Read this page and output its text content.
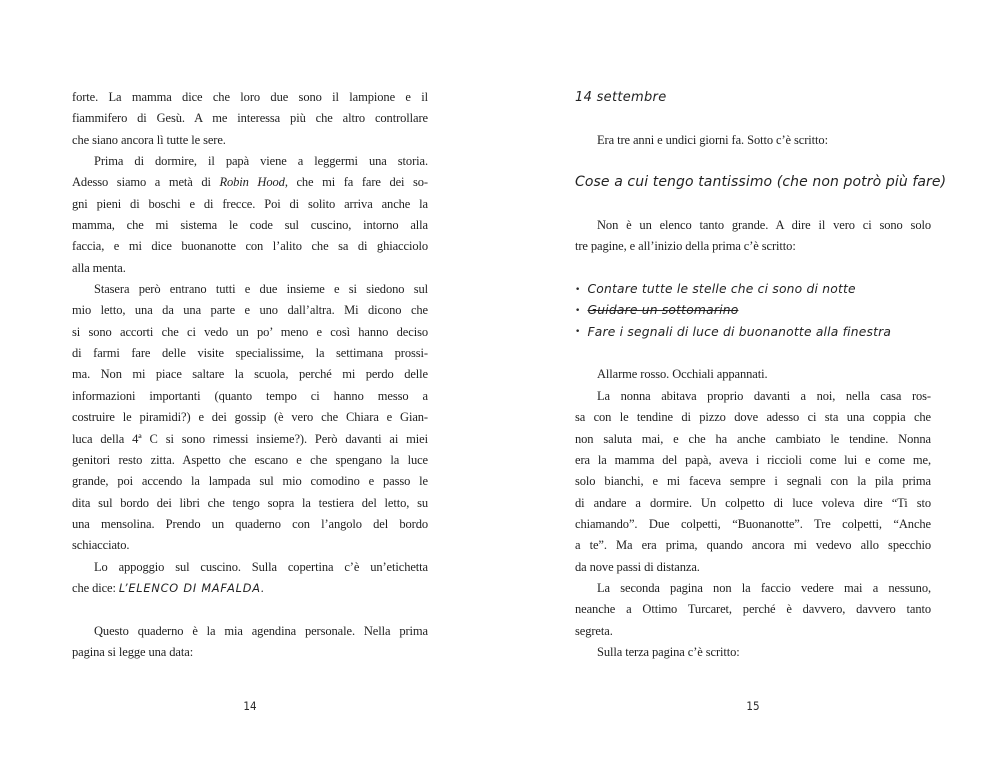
forte. La mamma dice che loro due sono il lampione e il
fiammifero di Gesù. A me interessa più che altro controllare
che siano ancora lì tutte le sere.
Prima di dormire, il papà viene a leggermi una storia.
Adesso siamo a metà di Robin Hood, che mi fa fare dei so-
gni pieni di boschi e di frecce. Poi di solito arriva anche la
mamma, che mi sistema le code sul cuscino, intorno alla
faccia, e mi dice buonanotte con l’alito che sa di ghiacciolo
alla menta.
Stasera però entrano tutti e due insieme e si siedono sul
mio letto, una da una parte e uno dall’altra. Mi dicono che
si sono accorti che ci vedo un po’ meno e così hanno deciso
di farmi fare delle visite specialissime, la settimana prossi-
ma. Non mi piace saltare la scuola, perché mi perdo delle
informazioni importanti (quanto tempo ci hanno messo a
costruire le piramidi?) e dei gossip (è vero che Chiara e Gian-
luca della 4ª C si sono rimessi insieme?). Però davanti ai miei
genitori resto zitta. Aspetto che escano e che spengano la luce
grande, poi accendo la lampada sul mio comodino e passo le
dita sul bordo dei libri che tengo sopra la testiera del letto, su
una mensolina. Prendo un quaderno con l’angolo del bordo
schiacciato.
Lo appoggio sul cuscino. Sulla copertina c’è un’etichetta
che dice: L’ELENCO DI MAFALDA.
Questo quaderno è la mia agendina personale. Nella prima
pagina si legge una data:
14
14 settembre
Era tre anni e undici giorni fa. Sotto c’è scritto:
Cose a cui tengo tantissimo (che non potrò più fare)
Non è un elenco tanto grande. A dire il vero ci sono solo
tre pagine, e all’inizio della prima c’è scritto:
• Contare tutte le stelle che ci sono di notte
• Guidare un sottomarino
• Fare i segnali di luce di buonanotte alla finestra
Allarme rosso. Occhiali appannati.
La nonna abitava proprio davanti a noi, nella casa ros-
sa con le tendine di pizzo dove adesso ci sta una coppia che
non saluta mai, e che ha anche cambiato le tendine. Nonna
era la mamma del papà, aveva i riccioli come lui e come me,
solo bianchi, e mi faceva sempre i segnali con la pila prima
di andare a dormire. Un colpetto di luce voleva dire “Ti sto
chiamando”. Due colpetti, “Buonanotte”. Tre colpetti, “Anche
a te”. Ma era prima, quando ancora mi vedevo allo specchio
da nove passi di distanza.
La seconda pagina non la faccio vedere mai a nessuno,
neanche a Ottimo Turcaret, perché è davvero, davvero tanto
segreta.
Sulla terza pagina c’è scritto:
15
